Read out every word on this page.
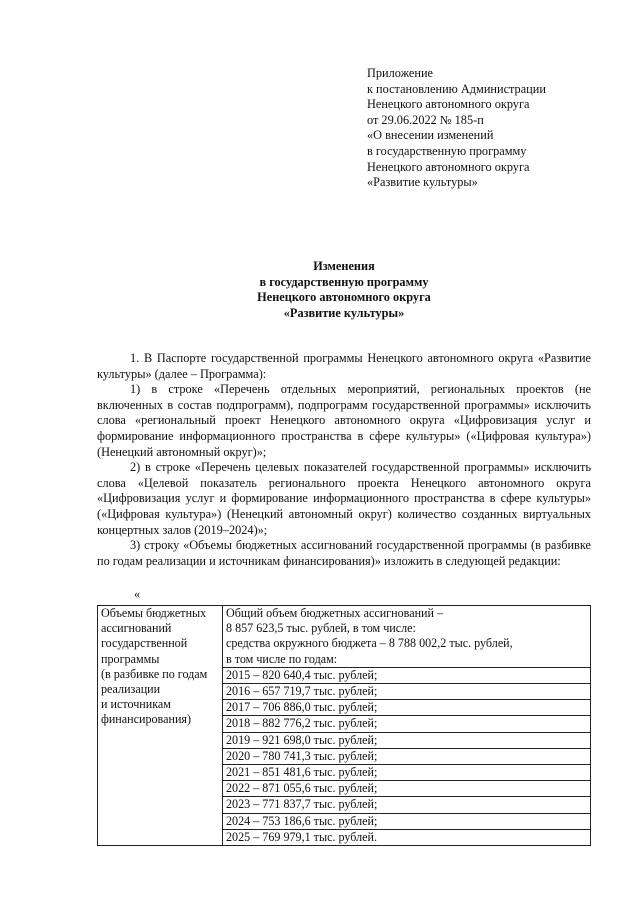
Приложение
к постановлению Администрации
Ненецкого автономного округа
от 29.06.2022 № 185-п
«О внесении изменений
в государственную программу
Ненецкого автономного округа
«Развитие культуры»
Изменения
в государственную программу
Ненецкого автономного округа
«Развитие культуры»

1. В Паспорте государственной программы Ненецкого автономного округа «Развитие культуры» (далее – Программа):

1) в строке «Перечень отдельных мероприятий, региональных проектов (не включенных в состав подпрограмм), подпрограмм государственной программы» исключить слова «региональный проект Ненецкого автономного округа «Цифровизация услуг и формирование информационного пространства в сфере культуры» («Цифровая культура») (Ненецкий автономный округ)»;

2) в строке «Перечень целевых показателей государственной программы» исключить слова «Целевой показатель регионального проекта Ненецкого автономного округа «Цифровизация услуг и формирование информационного пространства в сфере культуры» («Цифровая культура») (Ненецкий автономный округ) количество созданных виртуальных концертных залов (2019–2024)»;

3) строку «Объемы бюджетных ассигнований государственной программы (в разбивке по годам реализации и источникам финансирования)» изложить в следующей редакции:

«
Объемы бюджетных
ассигнований
государственной
программы
(в разбивке по годам
реализации
и источникам
финансирования)

Общий объем бюджетных ассигнований –
8 857 623,5 тыс. рублей, в том числе:
средства окружного бюджета – 8 788 002,2 тыс. рублей,
в том числе по годам:
2015 – 820 640,4 тыс. рублей;
2016 – 657 719,7 тыс. рублей;
2017 – 706 886,0 тыс. рублей;
2018 – 882 776,2 тыс. рублей;
2019 – 921 698,0 тыс. рублей;
2020 – 780 741,3 тыс. рублей;
2021 – 851 481,6 тыс. рублей;
2022 – 871 055,6 тыс. рублей;
2023 – 771 837,7 тыс. рублей;
2024 – 753 186,6 тыс. рублей;
2025 – 769 979,1 тыс. рублей.
